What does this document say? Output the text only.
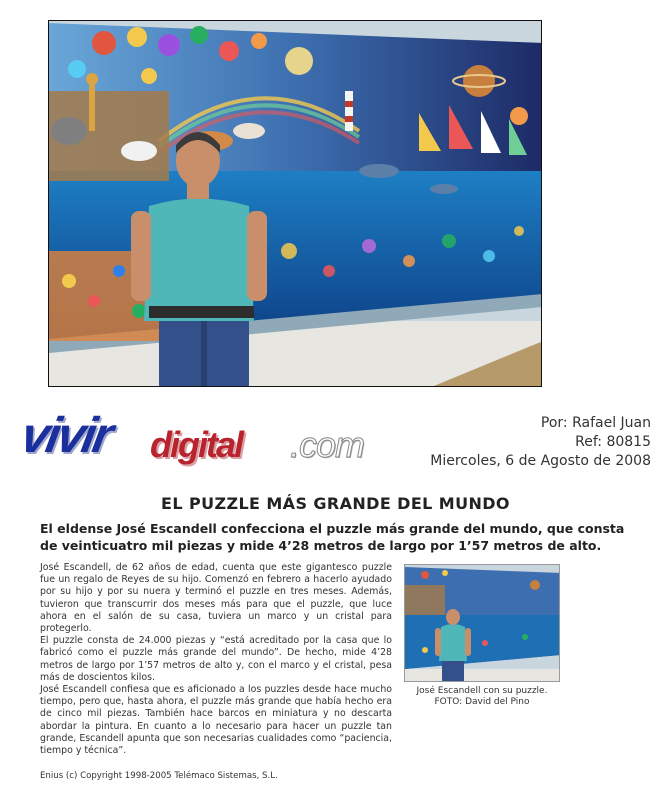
vivir digital .com
Por: Rafael Juan
Ref: 80815
Miercoles, 6 de Agosto de 2008
EL PUZZLE MÁS GRANDE DEL MUNDO
El eldense José Escandell confecciona el puzzle más grande del mundo, que consta de veinticuatro mil piezas y mide 4’28 metros de largo por 1’57 metros de alto.

José Escandell, de 62 años de edad, cuenta que este gigantesco puzzle fue un regalo de Reyes de su hijo. Comenzó en febrero a hacerlo ayudado por su hijo y por su nuera y terminó el puzzle en tres meses. Además, tuvieron que transcurrir dos meses más para que el puzzle, que luce ahora en el salón de su casa, tuviera un marco y un cristal para protegerlo.

El puzzle consta de 24.000 piezas y “está acreditado por la casa que lo fabricó como el puzzle más grande del mundo”. De hecho, mide 4’28 metros de largo por 1’57 metros de alto y, con el marco y el cristal, pesa más de doscientos kilos.

José Escandell confiesa que es aficionado a los puzzles desde hace mucho tiempo, pero que, hasta ahora, el puzzle más grande que había hecho era de cinco mil piezas. También hace barcos en miniatura y no descarta abordar la pintura. En cuanto a lo necesario para hacer un puzzle tan grande, Escandell apunta que son necesarias cualidades como “paciencia, tiempo y técnica”.

José Escandell con su puzzle.
FOTO: David del Pino
Enius (c) Copyright 1998-2005 Telémaco Sistemas, S.L.
